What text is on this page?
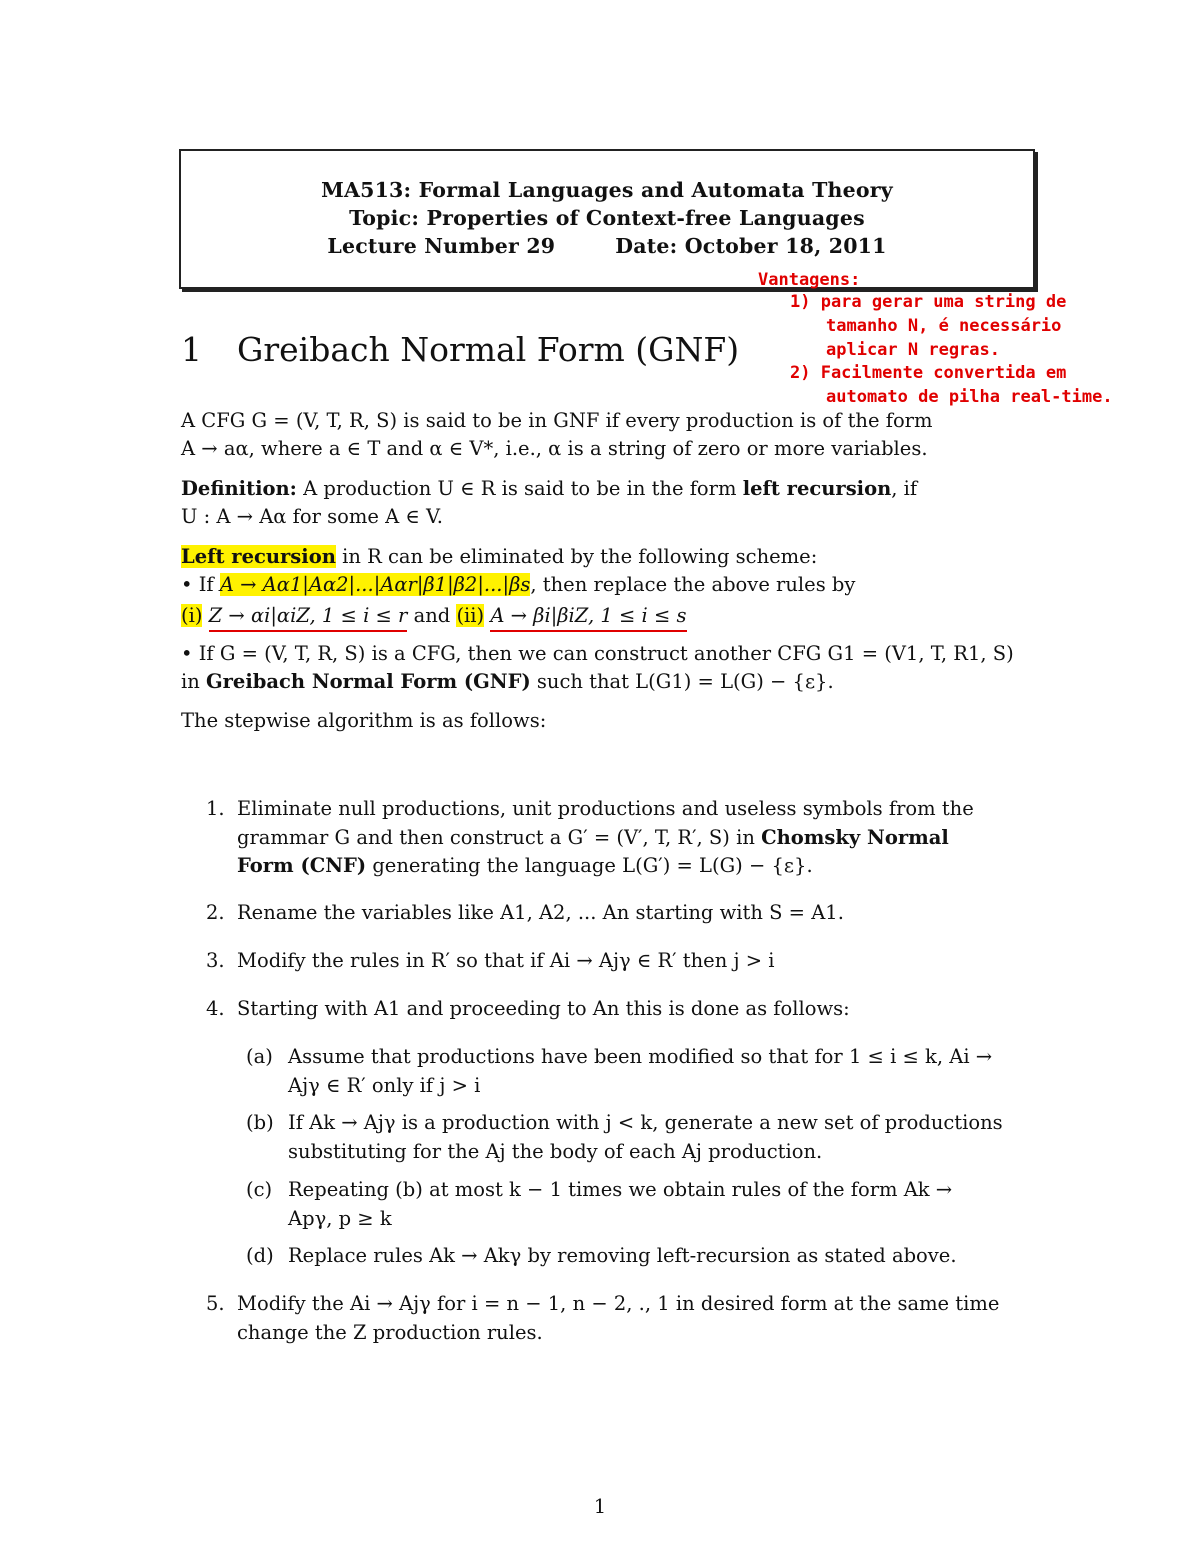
MA513: Formal Languages and Automata Theory
Topic: Properties of Context-free Languages
Lecture Number 29	Date: October 18, 2011
Vantagens:
1) para gerar uma string de
tamanho N, é necessário
aplicar N regras.
2) Facilmente convertida em
automato de pilha real-time.
1 Greibach Normal Form (GNF)
A CFG G = (V, T, R, S) is said to be in GNF if every production is of the form
A → aα, where a ∈ T and α ∈ V*, i.e., α is a string of zero or more variables.
Definition: A production U ∈ R is said to be in the form left recursion, if
U : A → Aα for some A ∈ V.
Left recursion in R can be eliminated by the following scheme:
• If A → Aα1|Aα2|...|Aαr|β1|β2|...|βs, then replace the above rules by
(i) Z → αi|αiZ, 1 ≤ i ≤ r and (ii) A → βi|βiZ, 1 ≤ i ≤ s
• If G = (V, T, R, S) is a CFG, then we can construct another CFG G1 = (V1, T, R1, S)
in Greibach Normal Form (GNF) such that L(G1) = L(G) − {ε}.
The stepwise algorithm is as follows:
1. Eliminate null productions, unit productions and useless symbols from the
grammar G and then construct a G′ = (V′, T, R′, S) in Chomsky Normal
Form (CNF) generating the language L(G′) = L(G) − {ε}.
2. Rename the variables like A1, A2, ... An starting with S = A1.
3. Modify the rules in R′ so that if Ai → Ajγ ∈ R′ then j > i
4. Starting with A1 and proceeding to An this is done as follows:
(a) Assume that productions have been modified so that for 1 ≤ i ≤ k, Ai →
Ajγ ∈ R′ only if j > i
(b) If Ak → Ajγ is a production with j < k, generate a new set of productions
substituting for the Aj the body of each Aj production.
(c) Repeating (b) at most k − 1 times we obtain rules of the form Ak →
Apγ, p ≥ k
(d) Replace rules Ak → Akγ by removing left-recursion as stated above.
5. Modify the Ai → Ajγ for i = n − 1, n − 2, ., 1 in desired form at the same time
change the Z production rules.
1
